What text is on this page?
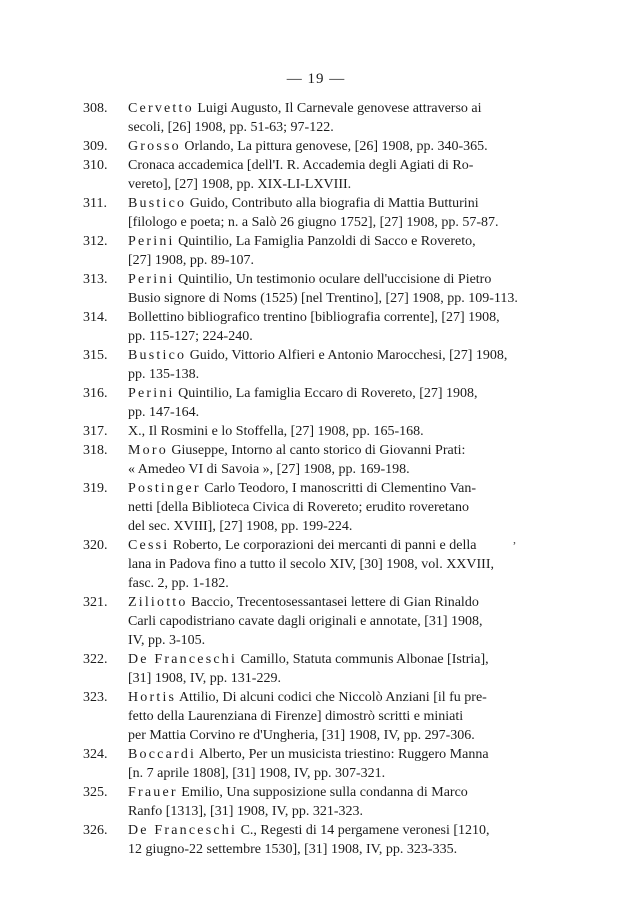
— 19 —
308.	Cervetto Luigi Augusto, Il Carnevale genovese attraverso ai
secoli, [26] 1908, pp. 51-63; 97-122.
309.	Grosso Orlando, La pittura genovese, [26] 1908, pp. 340-365.
310.	Cronaca accademica [dell'I. R. Accademia degli Agiati di Ro-
vereto], [27] 1908, pp. XIX-LI-LXVIII.
311.	Bustico Guido, Contributo alla biografia di Mattia Butturini
[filologo e poeta; n. a Salò 26 giugno 1752], [27] 1908, pp. 57-87.
312.	Perini Quintilio, La Famiglia Panzoldi di Sacco e Rovereto,
[27] 1908, pp. 89-107.
313.	Perini Quintilio, Un testimonio oculare dell'uccisione di Pietro
Busio signore di Noms (1525) [nel Trentino], [27] 1908, pp. 109-113.
314.	Bollettino bibliografico trentino [bibliografia corrente], [27] 1908,
pp. 115-127; 224-240.
315.	Bustico Guido, Vittorio Alfieri e Antonio Marocchesi, [27] 1908,
pp. 135-138.
316.	Perini Quintilio, La famiglia Eccaro di Rovereto, [27] 1908,
pp. 147-164.
317.	X., Il Rosmini e lo Stoffella, [27] 1908, pp. 165-168.
318.	Moro Giuseppe, Intorno al canto storico di Giovanni Prati:
« Amedeo VI di Savoia », [27] 1908, pp. 169-198.
319.	Postinger Carlo Teodoro, I manoscritti di Clementino Van-
netti [della Biblioteca Civica di Rovereto; erudito roveretano
del sec. XVIII], [27] 1908, pp. 199-224.
320.	Cessi Roberto, Le corporazioni dei mercanti di panni e della
lana in Padova fino a tutto il secolo XIV, [30] 1908, vol. XXVIII,
fasc. 2, pp. 1-182.
321.	Ziliotto Baccio, Trecentosessantasei lettere di Gian Rinaldo
Carli capodistriano cavate dagli originali e annotate, [31] 1908,
IV, pp. 3-105.
322.	De Franceschi Camillo, Statuta communis Albonae [Istria],
[31] 1908, IV, pp. 131-229.
323.	Hortis Attilio, Di alcuni codici che Niccolò Anziani [il fu pre-
fetto della Laurenziana di Firenze] dimostrò scritti e miniati
per Mattia Corvino re d'Ungheria, [31] 1908, IV, pp. 297-306.
324.	Boccardi Alberto, Per un musicista triestino: Ruggero Manna
[n. 7 aprile 1808], [31] 1908, IV, pp. 307-321.
325.	Frauer Emilio, Una supposizione sulla condanna di Marco
Ranfo [1313], [31] 1908, IV, pp. 321-323.
326.	De Franceschi C., Regesti di 14 pergamene veronesi [1210,
12 giugno-22 settembre 1530], [31] 1908, IV, pp. 323-335.
,
